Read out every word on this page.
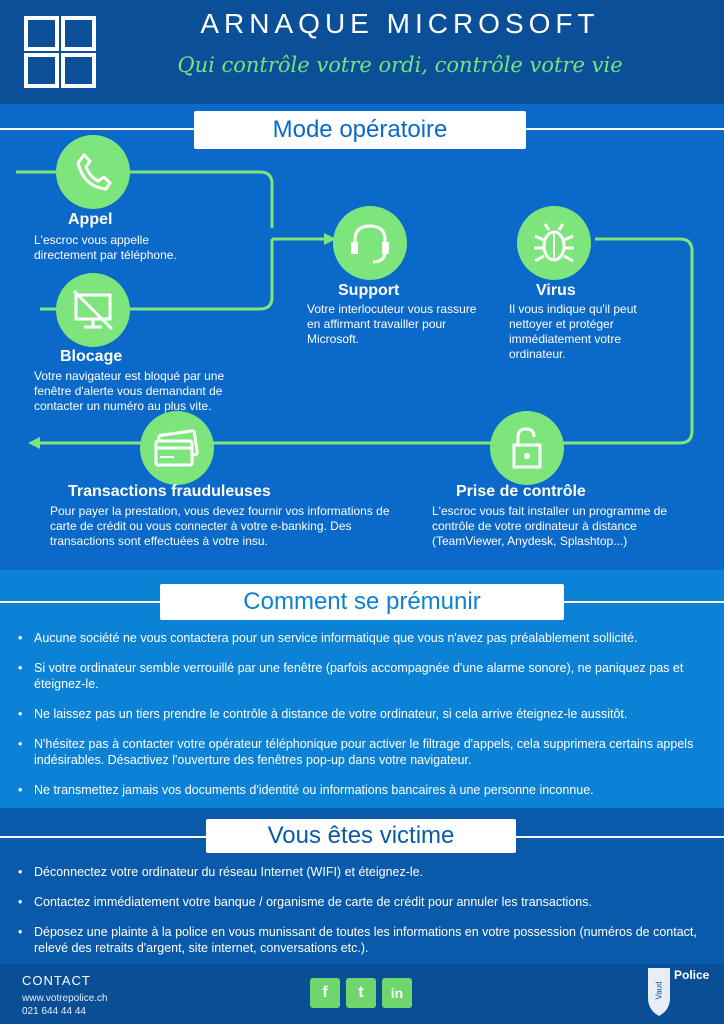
ARNAQUE MICROSOFT
Qui contrôle votre ordi, contrôle votre vie
Mode opératoire
Appel
L'escroc vous appelle directement par téléphone.
Blocage
Votre navigateur est bloqué par une fenêtre d'alerte vous demandant de contacter un numéro au plus vite.
Support
Votre interlocuteur vous rassure en affirmant travailler pour Microsoft.
Virus
Il vous indique qu'il peut nettoyer et protéger immédiatement votre ordinateur.
Prise de contrôle
L'escroc vous fait installer un programme de contrôle de votre ordinateur à distance (TeamViewer, Anydesk, Splashtop...)
Transactions frauduleuses
Pour payer la prestation, vous devez fournir vos informations de carte de crédit ou vous connecter à votre e-banking. Des transactions sont effectuées à votre insu.
Comment se prémunir
• Aucune société ne vous contactera pour un service informatique que vous n'avez pas préalablement sollicité.
• Si votre ordinateur semble verrouillé par une fenêtre (parfois accompagnée d'une alarme sonore), ne paniquez pas et éteignez-le.
• Ne laissez pas un tiers prendre le contrôle à distance de votre ordinateur, si cela arrive éteignez-le aussitôt.
• N'hésitez pas à contacter votre opérateur téléphonique pour activer le filtrage d'appels, cela supprimera certains appels indésirables. Désactivez l'ouverture des fenêtres pop-up dans votre navigateur.
• Ne transmettez jamais vos documents d'identité ou informations bancaires à une personne inconnue.
Vous êtes victime
• Déconnectez votre ordinateur du réseau Internet (WIFI) et éteignez-le.
• Contactez immédiatement votre banque / organisme de carte de crédit pour annuler les transactions.
• Déposez une plainte à la police en vous munissant de toutes les informations en votre possession (numéros de contact, relevé des retraits d'argent, site internet, conversations etc.).
CONTACT
www.votrepolice.ch
021 644 44 44
f	t	in	Vaud
Police
